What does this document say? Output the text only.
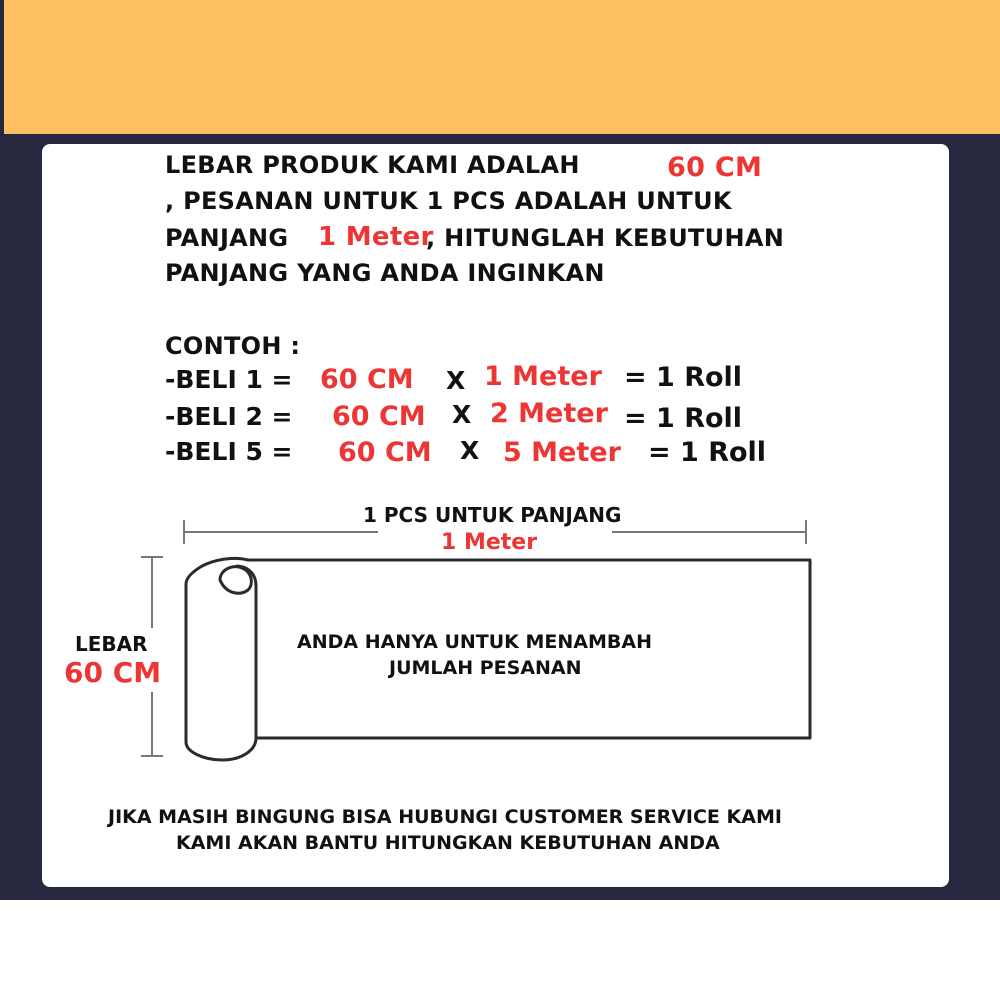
LEBAR PRODUK KAMI ADALAH	60 CM
, PESANAN UNTUK 1 PCS ADALAH UNTUK
PANJANG 1 Meter
, HITUNGLAH KEBUTUHAN
PANJANG YANG ANDA INGINKAN
CONTOH :
-BELI 1 = 60 CM X 1 Meter = 1 Roll
-BELI 2 = 60 CM X 2 Meter = 1 Roll
-BELI 5 = 60 CM X 5 Meter = 1 Roll
1 PCS UNTUK PANJANG
1 Meter
LEBAR
60 CM
ANDA HANYA UNTUK MENAMBAH
JUMLAH PESANAN
JIKA MASIH BINGUNG BISA HUBUNGI CUSTOMER SERVICE KAMI
KAMI AKAN BANTU HITUNGKAN KEBUTUHAN ANDA
